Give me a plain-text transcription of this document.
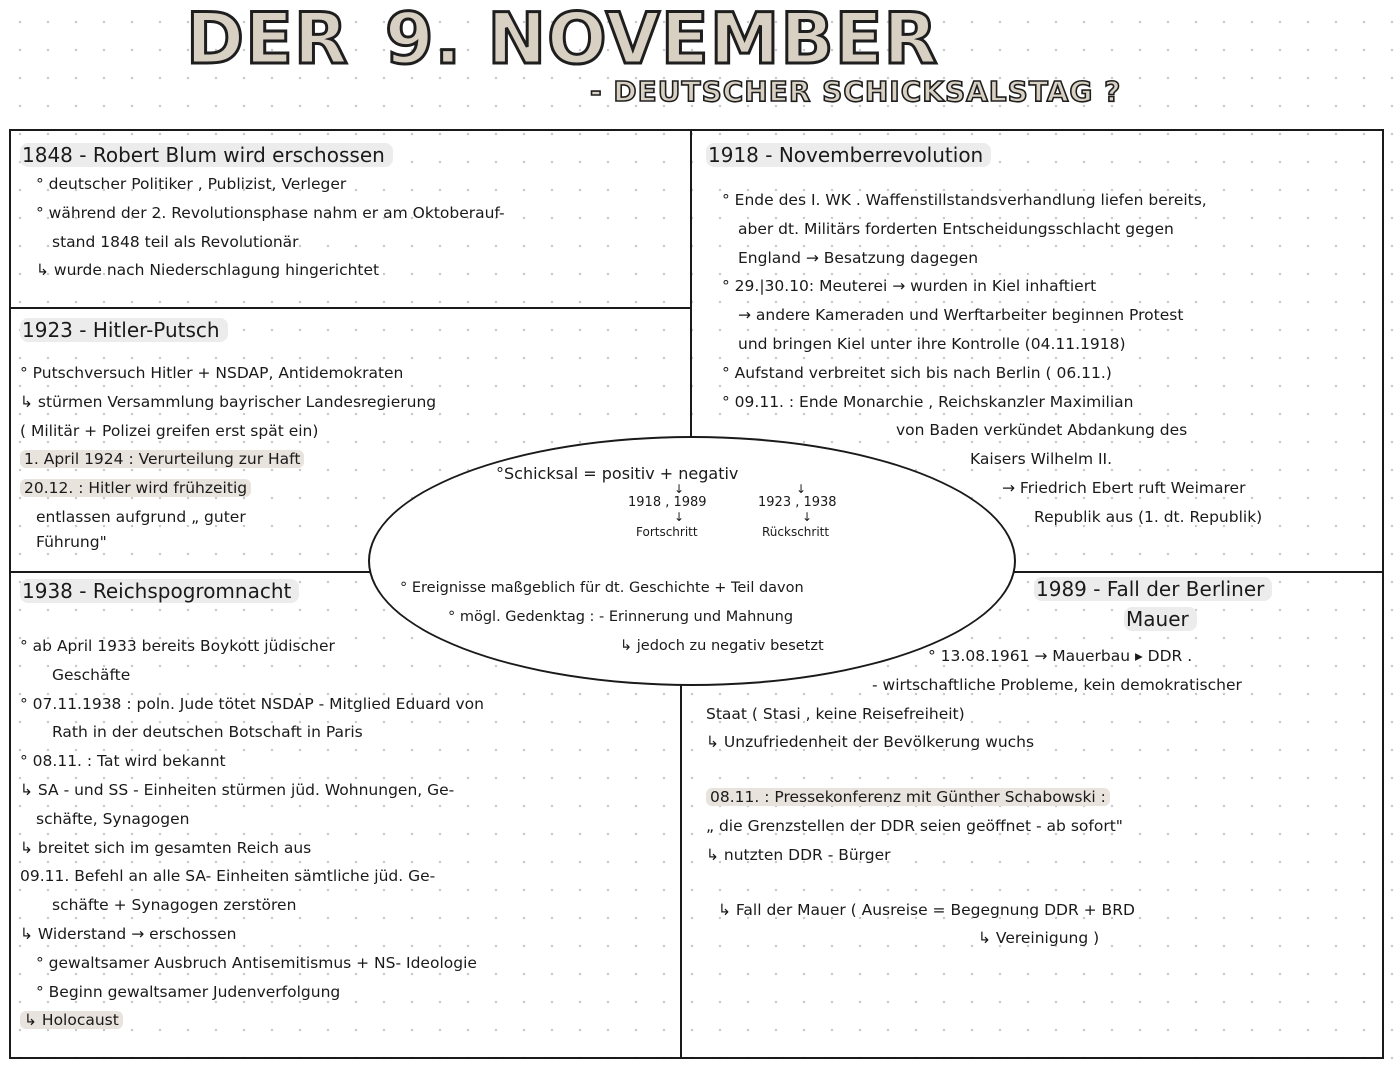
DER 9. NOVEMBER
- DEUTSCHER SCHICKSALSTAG ?
1848 - Robert Blum wird erschossen
° deutscher Politiker , Publizist, Verleger
° während der 2. Revolutionsphase nahm er am Oktoberauf-
stand 1848 teil als Revolutionär
↳ wurde nach Niederschlagung hingerichtet
1923 - Hitler-Putsch
° Putschversuch Hitler + NSDAP, Antidemokraten
↳ stürmen Versammlung bayrischer Landesregierung
( Militär + Polizei greifen erst spät ein)
1. April 1924 : Verurteilung zur Haft
20.12. : Hitler wird frühzeitig
entlassen aufgrund „ guter
Führung"
1918 - Novemberrevolution
° Ende des I. WK . Waffenstillstandsverhandlung liefen bereits,
aber dt. Militärs forderten Entscheidungsschlacht gegen
England → Besatzung dagegen
° 29.|30.10: Meuterei → wurden in Kiel inhaftiert
→ andere Kameraden und Werftarbeiter beginnen Protest
und bringen Kiel unter ihre Kontrolle (04.11.1918)
° Aufstand verbreitet sich bis nach Berlin ( 06.11.)
° 09.11. : Ende Monarchie , Reichskanzler Maximilian
von Baden verkündet Abdankung des
Kaisers Wilhelm II.
→ Friedrich Ebert ruft Weimarer
Republik aus (1. dt. Republik)
1938 - Reichspogromnacht
° ab April 1933 bereits Boykott jüdischer
Geschäfte
° 07.11.1938 : poln. Jude tötet NSDAP - Mitglied Eduard von
Rath in der deutschen Botschaft in Paris
° 08.11. : Tat wird bekannt
↳ SA - und SS - Einheiten stürmen jüd. Wohnungen, Ge-
schäfte, Synagogen
↳ breitet sich im gesamten Reich aus
09.11. Befehl an alle SA- Einheiten sämtliche jüd. Ge-
schäfte + Synagogen zerstören
↳ Widerstand → erschossen
° gewaltsamer Ausbruch Antisemitismus + NS- Ideologie
° Beginn gewaltsamer Judenverfolgung
↳ Holocaust
1989 - Fall der Berliner
Mauer
° 13.08.1961 → Mauerbau ▸ DDR .
- wirtschaftliche Probleme, kein demokratischer
Staat ( Stasi , keine Reisefreiheit)
↳ Unzufriedenheit der Bevölkerung wuchs
08.11. : Pressekonferenz mit Günther Schabowski :
„ die Grenzstellen der DDR seien geöffnet - ab sofort"
↳ nutzten DDR - Bürger
↳ Fall der Mauer ( Ausreise = Begegnung DDR + BRD
↳ Vereinigung )
°Schicksal = positiv + negativ
1918 , 1989	1923 , 1938
↓	↓
↓	↓
Fortschritt	Rückschritt
° Ereignisse maßgeblich für dt. Geschichte + Teil davon
° mögl. Gedenktag : - Erinnerung und Mahnung
↳ jedoch zu negativ besetzt
